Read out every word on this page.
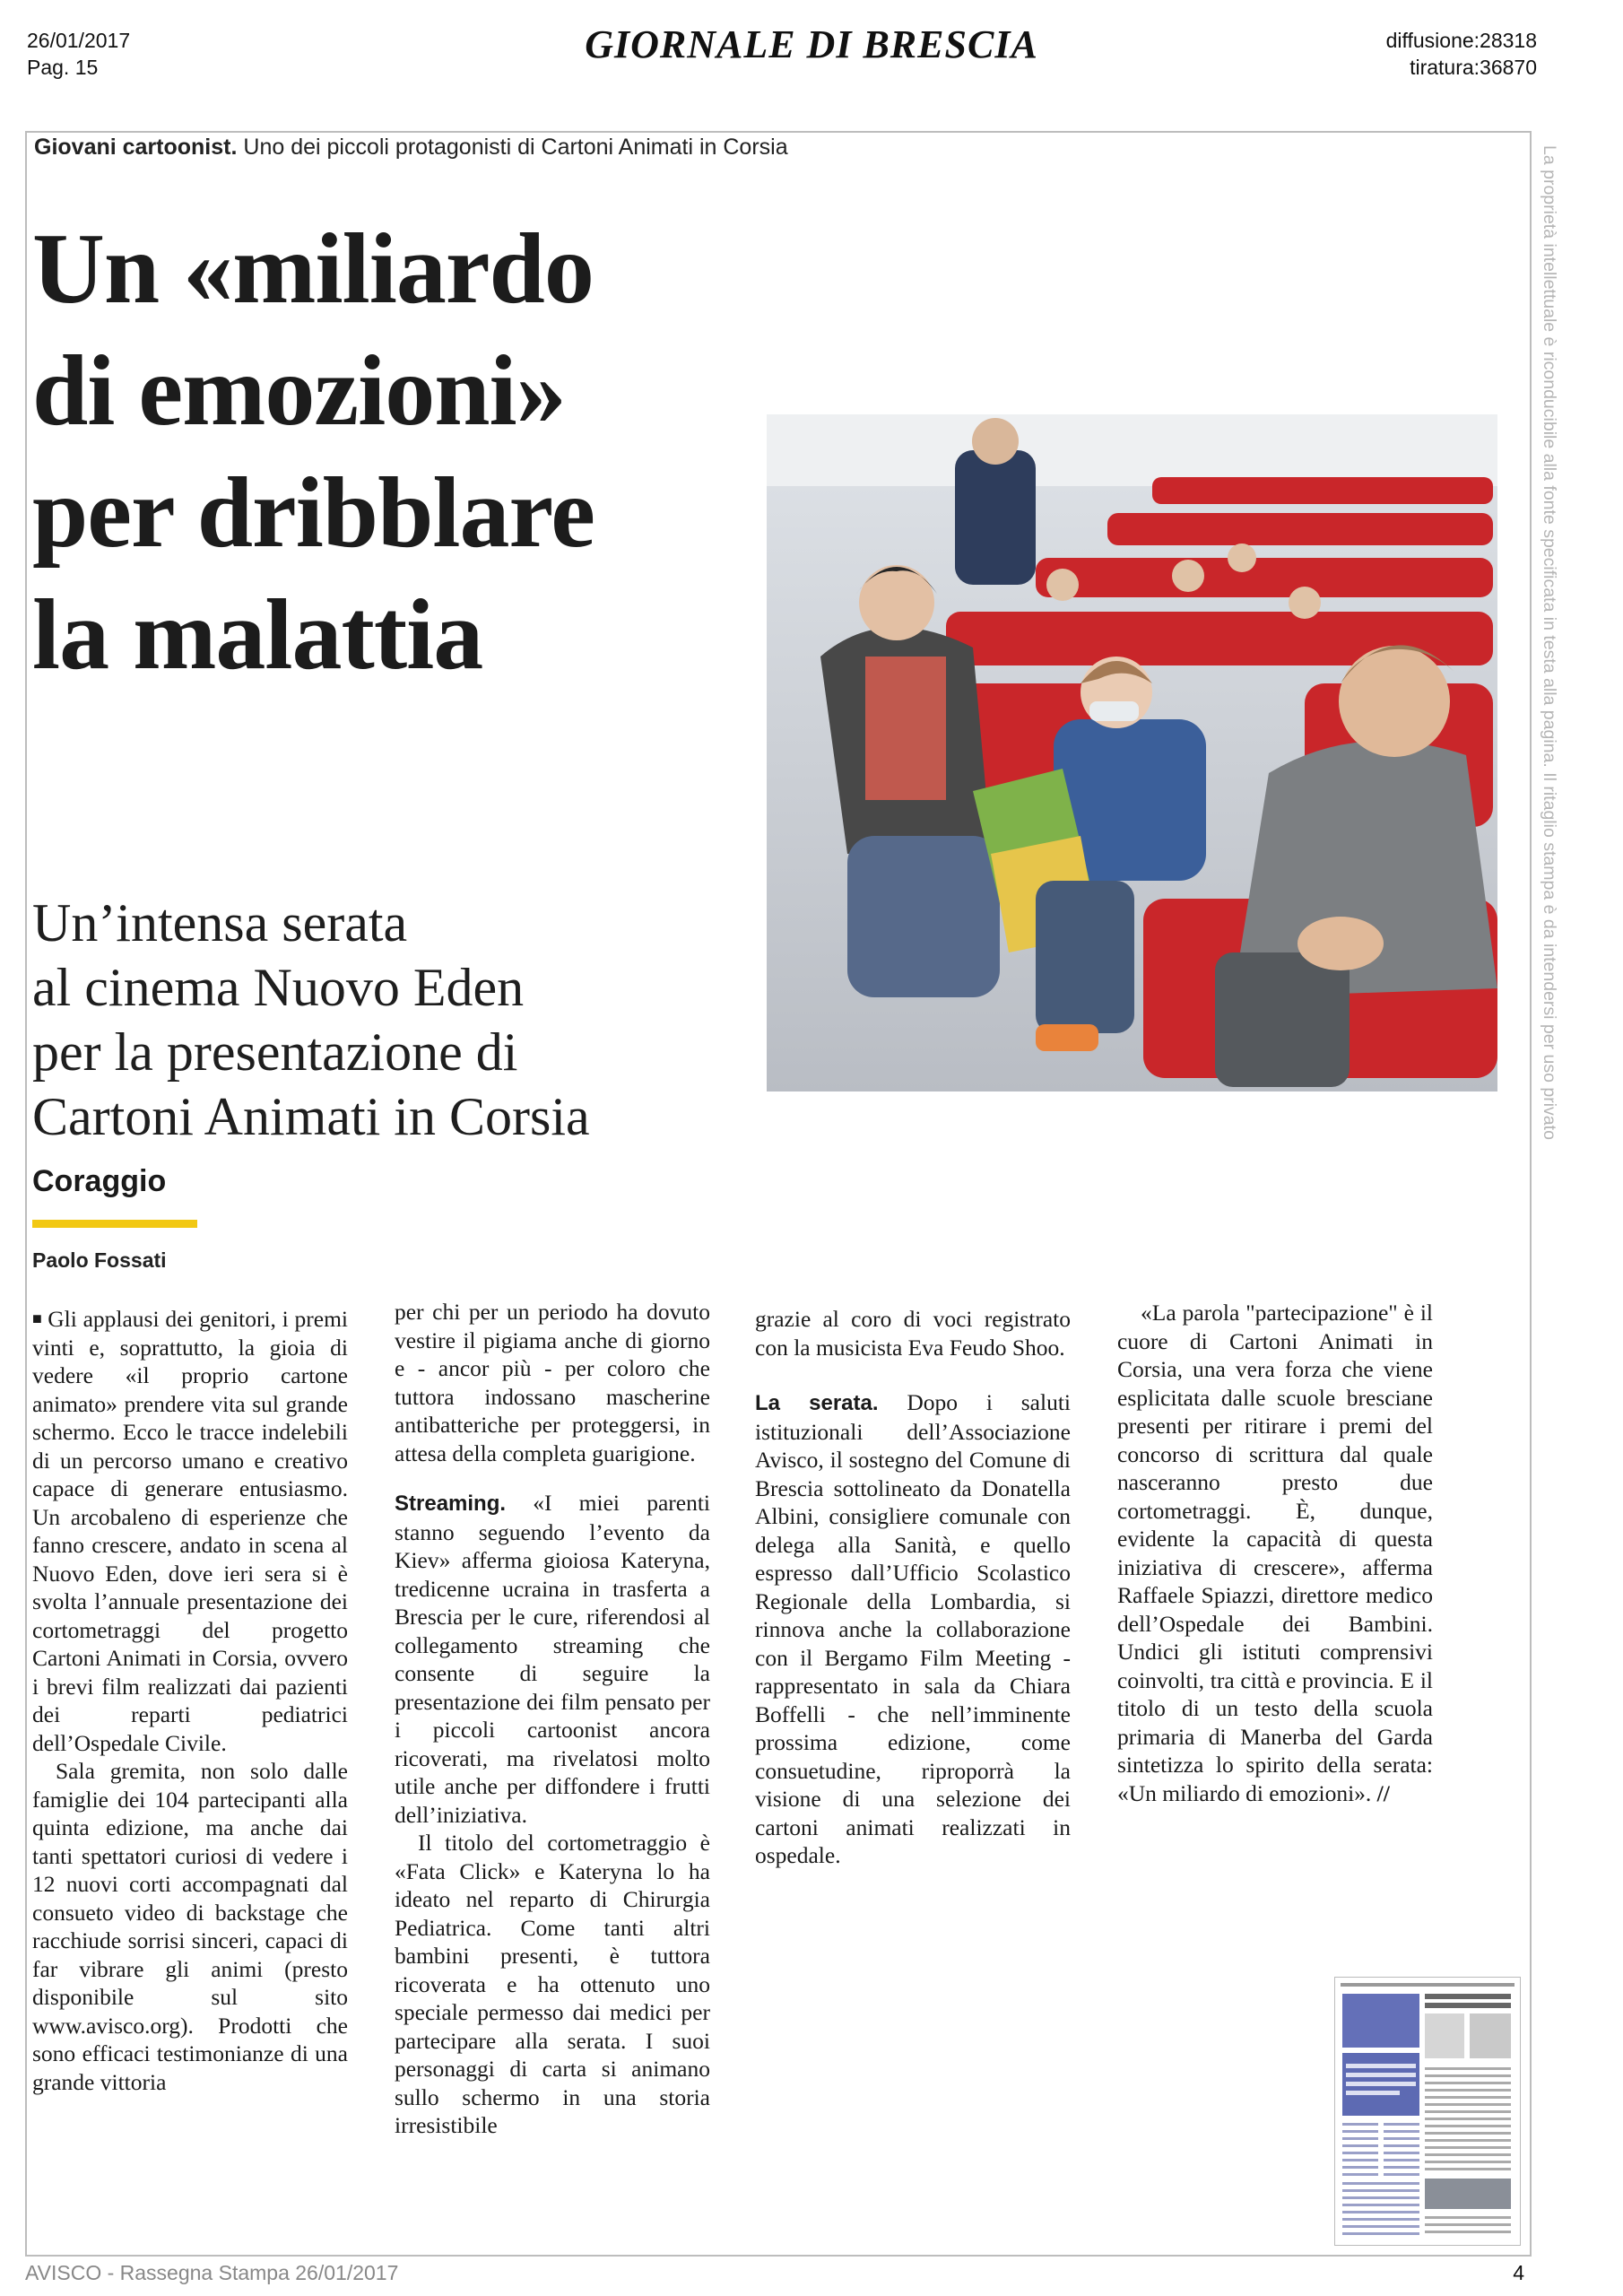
26/01/2017
Pag. 15
GIORNALE DI BRESCIA	diffusione:28318
tiratura:36870
Giovani cartoonist. Uno dei piccoli protagonisti di Cartoni Animati in Corsia
Un «miliardo
di emozioni»
per dribblare
la malattia
Un’intensa serata
al cinema Nuovo Eden
per la presentazione di
Cartoni Animati in Corsia
Coraggio
Paolo Fossati

■ Gli applausi dei genitori, i premi vinti e, soprattutto, la gioia di vedere «il proprio cartone animato» prendere vita sul grande schermo. Ecco le tracce indelebili di un percorso umano e creativo capace di generare entusiasmo. Un arcobaleno di esperienze che fanno crescere, andato in scena al Nuovo Eden, dove ieri sera si è svolta l’annuale presentazione dei cortometraggi del progetto Cartoni Animati in Corsia, ovvero i brevi film realizzati dai pazienti dei reparti pediatrici dell’Ospedale Civile.

Sala gremita, non solo dalle famiglie dei 104 partecipanti alla quinta edizione, ma anche dai tanti spettatori curiosi di vedere i 12 nuovi corti accompagnati dal consueto video di backstage che racchiude sorrisi sinceri, capaci di far vibrare gli animi (presto disponibile sul sito www.avisco.org). Prodotti che sono efficaci testimonianze di una grande vittoria

per chi per un periodo ha dovuto vestire il pigiama anche di giorno e - ancor più - per coloro che tuttora indossano mascherine antibatteriche per proteggersi, in attesa della completa guarigione.

Streaming. «I miei parenti stanno seguendo l’evento da Kiev» afferma gioiosa Kateryna, tredicenne ucraina in trasferta a Brescia per le cure, riferendosi al collegamento streaming che consente di seguire la presentazione dei film pensato per i piccoli cartoonist ancora ricoverati, ma rivelatosi molto utile anche per diffondere i frutti dell’iniziativa.

Il titolo del cortometraggio è «Fata Click» e Kateryna lo ha ideato nel reparto di Chirurgia Pediatrica. Come tanti altri bambini presenti, è tuttora ricoverata e ha ottenuto uno speciale permesso dai medici per partecipare alla serata. I suoi personaggi di carta si animano sullo schermo in una storia irresistibile

grazie al coro di voci registrato con la musicista Eva Feudo Shoo.

La serata. Dopo i saluti istituzionali dell’Associazione Avisco, il sostegno del Comune di Brescia sottolineato da Donatella Albini, consigliere comunale con delega alla Sanità, e quello espresso dall’Ufficio Scolastico Regionale della Lombardia, si rinnova anche la collaborazione con il Bergamo Film Meeting - rappresentato in sala da Chiara Boffelli - che nell’imminente prossima edizione, come consuetudine, riproporrà la visione di una selezione dei cartoni animati realizzati in ospedale.

«La parola "partecipazione" è il cuore di Cartoni Animati in Corsia, una vera forza che viene esplicitata dalle scuole bresciane presenti per ritirare i premi del concorso di scrittura dal quale nasceranno presto due cortometraggi. È, dunque, evidente la capacità di questa iniziativa di crescere», afferma Raffaele Spiazzi, direttore medico dell’Ospedale dei Bambini. Undici gli istituti comprensivi coinvolti, tra città e provincia. E il titolo di un testo della scuola primaria di Manerba del Garda sintetizza lo spirito della serata: «Un miliardo di emozioni». //

La proprietà intellettuale è riconducibile alla fonte specificata in testa alla pagina. Il ritaglio stampa è da intendersi per uso privato
AVISCO - Rassegna Stampa 26/01/2017	4
